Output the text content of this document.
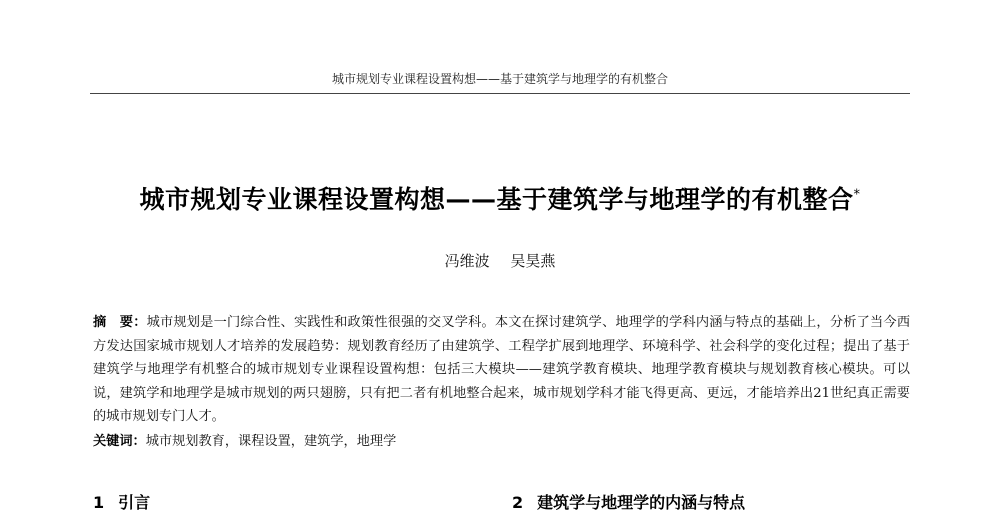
城市规划专业课程设置构想——基于建筑学与地理学的有机整合
城市规划专业课程设置构想——基于建筑学与地理学的有机整合*
冯维波 吴昊燕

摘　要：城市规划是一门综合性、实践性和政策性很强的交叉学科。本文在探讨建筑学、地理学的学科内涵与特点的基础上，分析了当今西方发达国家城市规划人才培养的发展趋势：规划教育经历了由建筑学、工程学扩展到地理学、环境科学、社会科学的变化过程；提出了基于建筑学与地理学有机整合的城市规划专业课程设置构想：包括三大模块——建筑学教育模块、地理学教育模块与规划教育核心模块。可以说，建筑学和地理学是城市规划的两只翅膀，只有把二者有机地整合起来，城市规划学科才能飞得更高、更远，才能培养出21世纪真正需要的城市规划专门人才。

关键词：城市规划教育，课程设置，建筑学，地理学

1 引言	2 建筑学与地理学的内涵与特点
